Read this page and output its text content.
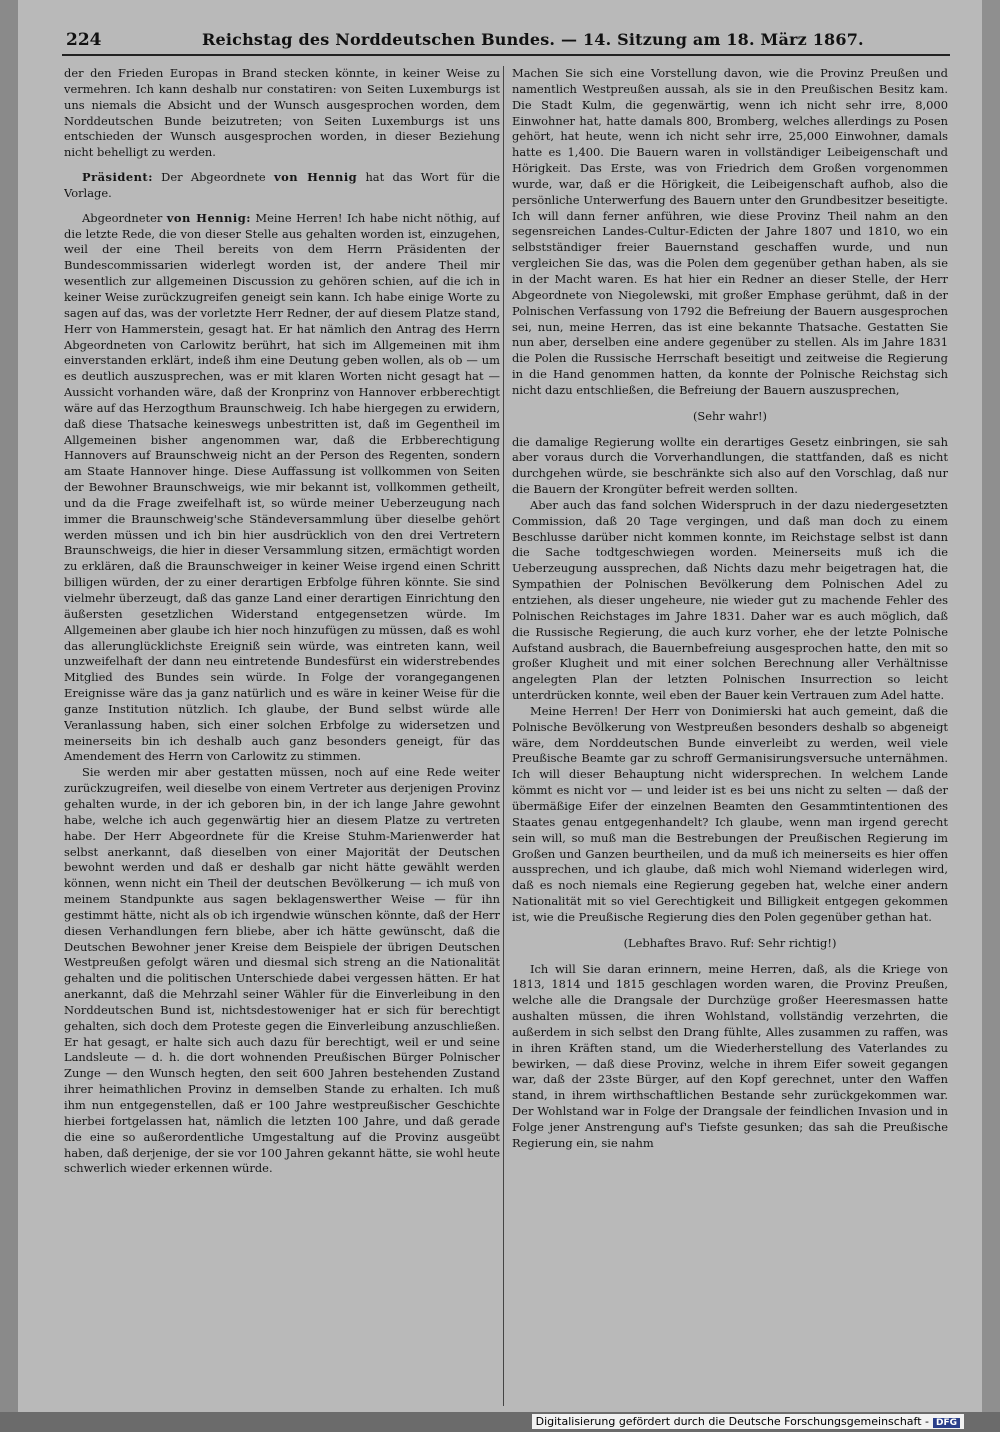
224	Reichstag des Norddeutschen Bundes. — 14. Sitzung am 18. März 1867.

der den Frieden Europas in Brand stecken könnte, in keiner Weise zu vermehren. Ich kann deshalb nur constatiren: von Seiten Luxemburgs ist uns niemals die Absicht und der Wunsch ausgesprochen worden, dem Norddeutschen Bunde beizutreten; von Seiten Luxemburgs ist uns entschieden der Wunsch ausgesprochen worden, in dieser Beziehung nicht behelligt zu werden.

Präsident: Der Abgeordnete von Hennig hat das Wort für die Vorlage.

Abgeordneter von Hennig: Meine Herren! Ich habe nicht nöthig, auf die letzte Rede, die von dieser Stelle aus gehalten worden ist, einzugehen, weil der eine Theil bereits von dem Herrn Präsidenten der Bundescommissarien widerlegt worden ist, der andere Theil mir wesentlich zur allgemeinen Discussion zu gehören schien, auf die ich in keiner Weise zurückzugreifen geneigt sein kann. Ich habe einige Worte zu sagen auf das, was der vorletzte Herr Redner, der auf diesem Platze stand, Herr von Hammerstein, gesagt hat. Er hat nämlich den Antrag des Herrn Abgeordneten von Carlowitz berührt, hat sich im Allgemeinen mit ihm einverstanden erklärt, indeß ihm eine Deutung geben wollen, als ob — um es deutlich auszusprechen, was er mit klaren Worten nicht gesagt hat — Aussicht vorhanden wäre, daß der Kronprinz von Hannover erbberechtigt wäre auf das Herzogthum Braunschweig. Ich habe hiergegen zu erwidern, daß diese Thatsache keineswegs unbestritten ist, daß im Gegentheil im Allgemeinen bisher angenommen war, daß die Erbberechtigung Hannovers auf Braunschweig nicht an der Person des Regenten, sondern am Staate Hannover hinge. Diese Auffassung ist vollkommen von Seiten der Bewohner Braunschweigs, wie mir bekannt ist, vollkommen getheilt, und da die Frage zweifelhaft ist, so würde meiner Ueberzeugung nach immer die Braunschweig'sche Ständeversammlung über dieselbe gehört werden müssen und ich bin hier ausdrücklich von den drei Vertretern Braunschweigs, die hier in dieser Versammlung sitzen, ermächtigt worden zu erklären, daß die Braunschweiger in keiner Weise irgend einen Schritt billigen würden, der zu einer derartigen Erbfolge führen könnte. Sie sind vielmehr überzeugt, daß das ganze Land einer derartigen Einrichtung den äußersten gesetzlichen Widerstand entgegensetzen würde. Im Allgemeinen aber glaube ich hier noch hinzufügen zu müssen, daß es wohl das allerunglücklichste Ereigniß sein würde, was eintreten kann, weil unzweifelhaft der dann neu eintretende Bundesfürst ein widerstrebendes Mitglied des Bundes sein würde. In Folge der vorangegangenen Ereignisse wäre das ja ganz natürlich und es wäre in keiner Weise für die ganze Institution nützlich. Ich glaube, der Bund selbst würde alle Veranlassung haben, sich einer solchen Erbfolge zu widersetzen und meinerseits bin ich deshalb auch ganz besonders geneigt, für das Amendement des Herrn von Carlowitz zu stimmen.

Sie werden mir aber gestatten müssen, noch auf eine Rede weiter zurückzugreifen, weil dieselbe von einem Vertreter aus derjenigen Provinz gehalten wurde, in der ich geboren bin, in der ich lange Jahre gewohnt habe, welche ich auch gegenwärtig hier an diesem Platze zu vertreten habe. Der Herr Abgeordnete für die Kreise Stuhm-Marienwerder hat selbst anerkannt, daß dieselben von einer Majorität der Deutschen bewohnt werden und daß er deshalb gar nicht hätte gewählt werden können, wenn nicht ein Theil der deutschen Bevölkerung — ich muß von meinem Standpunkte aus sagen beklagenswerther Weise — für ihn gestimmt hätte, nicht als ob ich irgendwie wünschen könnte, daß der Herr diesen Verhandlungen fern bliebe, aber ich hätte gewünscht, daß die Deutschen Bewohner jener Kreise dem Beispiele der übrigen Deutschen Westpreußen gefolgt wären und diesmal sich streng an die Nationalität gehalten und die politischen Unterschiede dabei vergessen hätten. Er hat anerkannt, daß die Mehrzahl seiner Wähler für die Einverleibung in den Norddeutschen Bund ist, nichtsdestoweniger hat er sich für berechtigt gehalten, sich doch dem Proteste gegen die Einverleibung anzuschließen. Er hat gesagt, er halte sich auch dazu für berechtigt, weil er und seine Landsleute — d. h. die dort wohnenden Preußischen Bürger Polnischer Zunge — den Wunsch hegten, den seit 600 Jahren bestehenden Zustand ihrer heimathlichen Provinz in demselben Stande zu erhalten. Ich muß ihm nun entgegenstellen, daß er 100 Jahre westpreußischer Geschichte hierbei fortgelassen hat, nämlich die letzten 100 Jahre, und daß gerade die eine so außerordentliche Umgestaltung auf die Provinz ausgeübt haben, daß derjenige, der sie vor 100 Jahren gekannt hätte, sie wohl heute schwerlich wieder erkennen würde.

Machen Sie sich eine Vorstellung davon, wie die Provinz Preußen und namentlich Westpreußen aussah, als sie in den Preußischen Besitz kam. Die Stadt Kulm, die gegenwärtig, wenn ich nicht sehr irre, 8,000 Einwohner hat, hatte damals 800, Bromberg, welches allerdings zu Posen gehört, hat heute, wenn ich nicht sehr irre, 25,000 Einwohner, damals hatte es 1,400. Die Bauern waren in vollständiger Leibeigenschaft und Hörigkeit. Das Erste, was von Friedrich dem Großen vorgenommen wurde, war, daß er die Hörigkeit, die Leibeigenschaft aufhob, also die persönliche Unterwerfung des Bauern unter den Grundbesitzer beseitigte. Ich will dann ferner anführen, wie diese Provinz Theil nahm an den segensreichen Landes-Cultur-Edicten der Jahre 1807 und 1810, wo ein selbstständiger freier Bauernstand geschaffen wurde, und nun vergleichen Sie das, was die Polen dem gegenüber gethan haben, als sie in der Macht waren. Es hat hier ein Redner an dieser Stelle, der Herr Abgeordnete von Niegolewski, mit großer Emphase gerühmt, daß in der Polnischen Verfassung von 1792 die Befreiung der Bauern ausgesprochen sei, nun, meine Herren, das ist eine bekannte Thatsache. Gestatten Sie nun aber, derselben eine andere gegenüber zu stellen. Als im Jahre 1831 die Polen die Russische Herrschaft beseitigt und zeitweise die Regierung in die Hand genommen hatten, da konnte der Polnische Reichstag sich nicht dazu entschließen, die Befreiung der Bauern auszusprechen,

(Sehr wahr!)

die damalige Regierung wollte ein derartiges Gesetz einbringen, sie sah aber voraus durch die Vorverhandlungen, die stattfanden, daß es nicht durchgehen würde, sie beschränkte sich also auf den Vorschlag, daß nur die Bauern der Krongüter befreit werden sollten.

Aber auch das fand solchen Widerspruch in der dazu niedergesetzten Commission, daß 20 Tage vergingen, und daß man doch zu einem Beschlusse darüber nicht kommen konnte, im Reichstage selbst ist dann die Sache todtgeschwiegen worden. Meinerseits muß ich die Ueberzeugung aussprechen, daß Nichts dazu mehr beigetragen hat, die Sympathien der Polnischen Bevölkerung dem Polnischen Adel zu entziehen, als dieser ungeheure, nie wieder gut zu machende Fehler des Polnischen Reichstages im Jahre 1831. Daher war es auch möglich, daß die Russische Regierung, die auch kurz vorher, ehe der letzte Polnische Aufstand ausbrach, die Bauernbefreiung ausgesprochen hatte, den mit so großer Klugheit und mit einer solchen Berechnung aller Verhältnisse angelegten Plan der letzten Polnischen Insurrection so leicht unterdrücken konnte, weil eben der Bauer kein Vertrauen zum Adel hatte.

Meine Herren! Der Herr von Donimierski hat auch gemeint, daß die Polnische Bevölkerung von Westpreußen besonders deshalb so abgeneigt wäre, dem Norddeutschen Bunde einverleibt zu werden, weil viele Preußische Beamte gar zu schroff Germanisirungsversuche unternähmen. Ich will dieser Behauptung nicht widersprechen. In welchem Lande kömmt es nicht vor — und leider ist es bei uns nicht zu selten — daß der übermäßige Eifer der einzelnen Beamten den Gesammtintentionen des Staates genau entgegenhandelt? Ich glaube, wenn man irgend gerecht sein will, so muß man die Bestrebungen der Preußischen Regierung im Großen und Ganzen beurtheilen, und da muß ich meinerseits es hier offen aussprechen, und ich glaube, daß mich wohl Niemand widerlegen wird, daß es noch niemals eine Regierung gegeben hat, welche einer andern Nationalität mit so viel Gerechtigkeit und Billigkeit entgegen gekommen ist, wie die Preußische Regierung dies den Polen gegenüber gethan hat.

(Lebhaftes Bravo. Ruf: Sehr richtig!)

Ich will Sie daran erinnern, meine Herren, daß, als die Kriege von 1813, 1814 und 1815 geschlagen worden waren, die Provinz Preußen, welche alle die Drangsale der Durchzüge großer Heeresmassen hatte aushalten müssen, die ihren Wohlstand, vollständig verzehrten, die außerdem in sich selbst den Drang fühlte, Alles zusammen zu raffen, was in ihren Kräften stand, um die Wiederherstellung des Vaterlandes zu bewirken, — daß diese Provinz, welche in ihrem Eifer soweit gegangen war, daß der 23ste Bürger, auf den Kopf gerechnet, unter den Waffen stand, in ihrem wirthschaftlichen Bestande sehr zurückgekommen war. Der Wohlstand war in Folge der Drangsale der feindlichen Invasion und in Folge jener Anstrengung auf's Tiefste gesunken; das sah die Preußische Regierung ein, sie nahm

Digitalisierung gefördert durch die Deutsche Forschungsgemeinschaft - DFG
